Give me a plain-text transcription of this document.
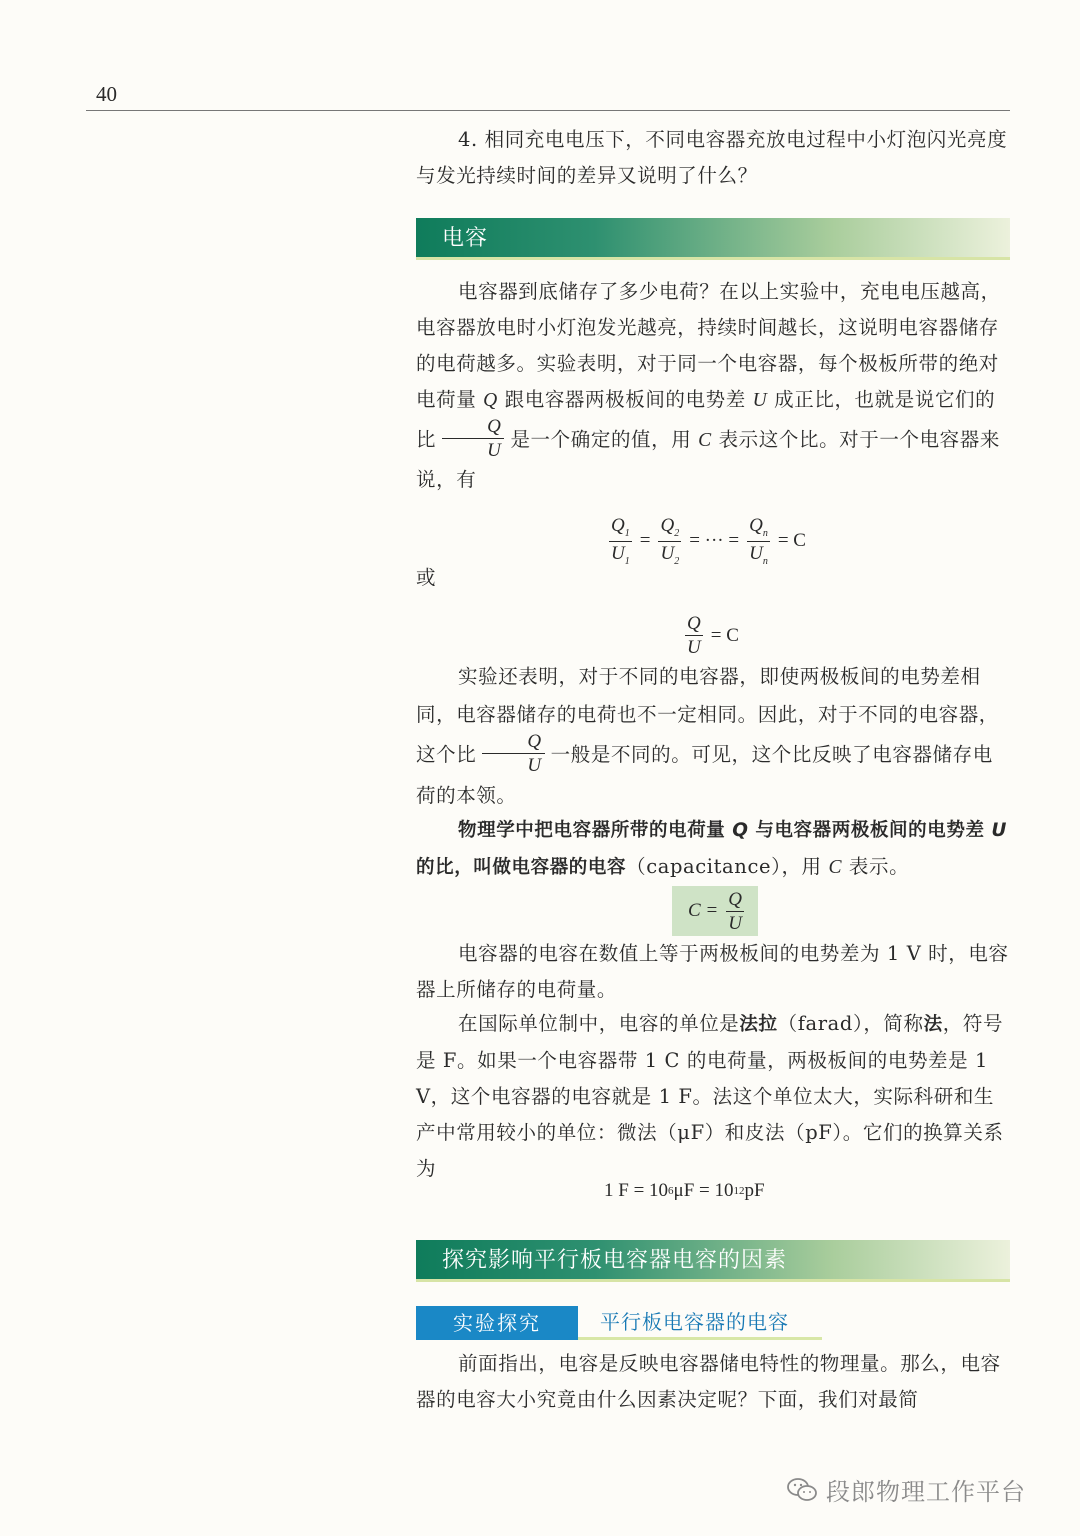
40

4. 相同充电电压下，不同电容器充放电过程中小灯泡闪光亮度与发光持续时间的差异又说明了什么？

电容

电容器到底储存了多少电荷？在以上实验中，充电电压越高，电容器放电时小灯泡发光越亮，持续时间越长，这说明电容器储存的电荷越多。实验表明，对于同一个电容器，每个极板所带的绝对电荷量 Q 跟电容器两极板间的电势差 U 成正比，也就是说它们的比 $\frac{Q}{U}$ 是一个确定的值，用 C 表示这个比。对于一个电容器来说，有

$\frac{Q_1}{U_1} = \frac{Q_2}{U_2}$ = ··· = $\frac{Q_n}{U_n} = C$

或

$\frac{Q}{U} = C$

实验还表明，对于不同的电容器，即使两极板间的电势差相同，电容器储存的电荷也不一定相同。因此，对于不同的电容器，这个比 $\frac{Q}{U}$ 一般是不同的。可见，这个比反映了电容器储存电荷的本领。

物理学中把电容器所带的电荷量 Q 与电容器两极板间的电势差 U 的比，叫做电容器的电容（capacitance），用 C 表示。

$C = \frac{Q}{U}$

电容器的电容在数值上等于两极板间的电势差为 1 V 时，电容器上所储存的电荷量。

在国际单位制中，电容的单位是法拉（farad），简称法，符号是 F。如果一个电容器带 1 C 的电荷量，两极板间的电势差是 1 V，这个电容器的电容就是 1 F。法这个单位太大，实际科研和生产中常用较小的单位：微法（μF）和皮法（pF）。它们的换算关系为

1 F = 10 6 μF = 10 12 pF
探究影响平行板电容器电容的因素
实验探究	平行板电容器的电容

前面指出，电容是反映电容器储电特性的物理量。那么，电容器的电容大小究竟由什么因素决定呢？下面，我们对最简

段郎物理工作平台
